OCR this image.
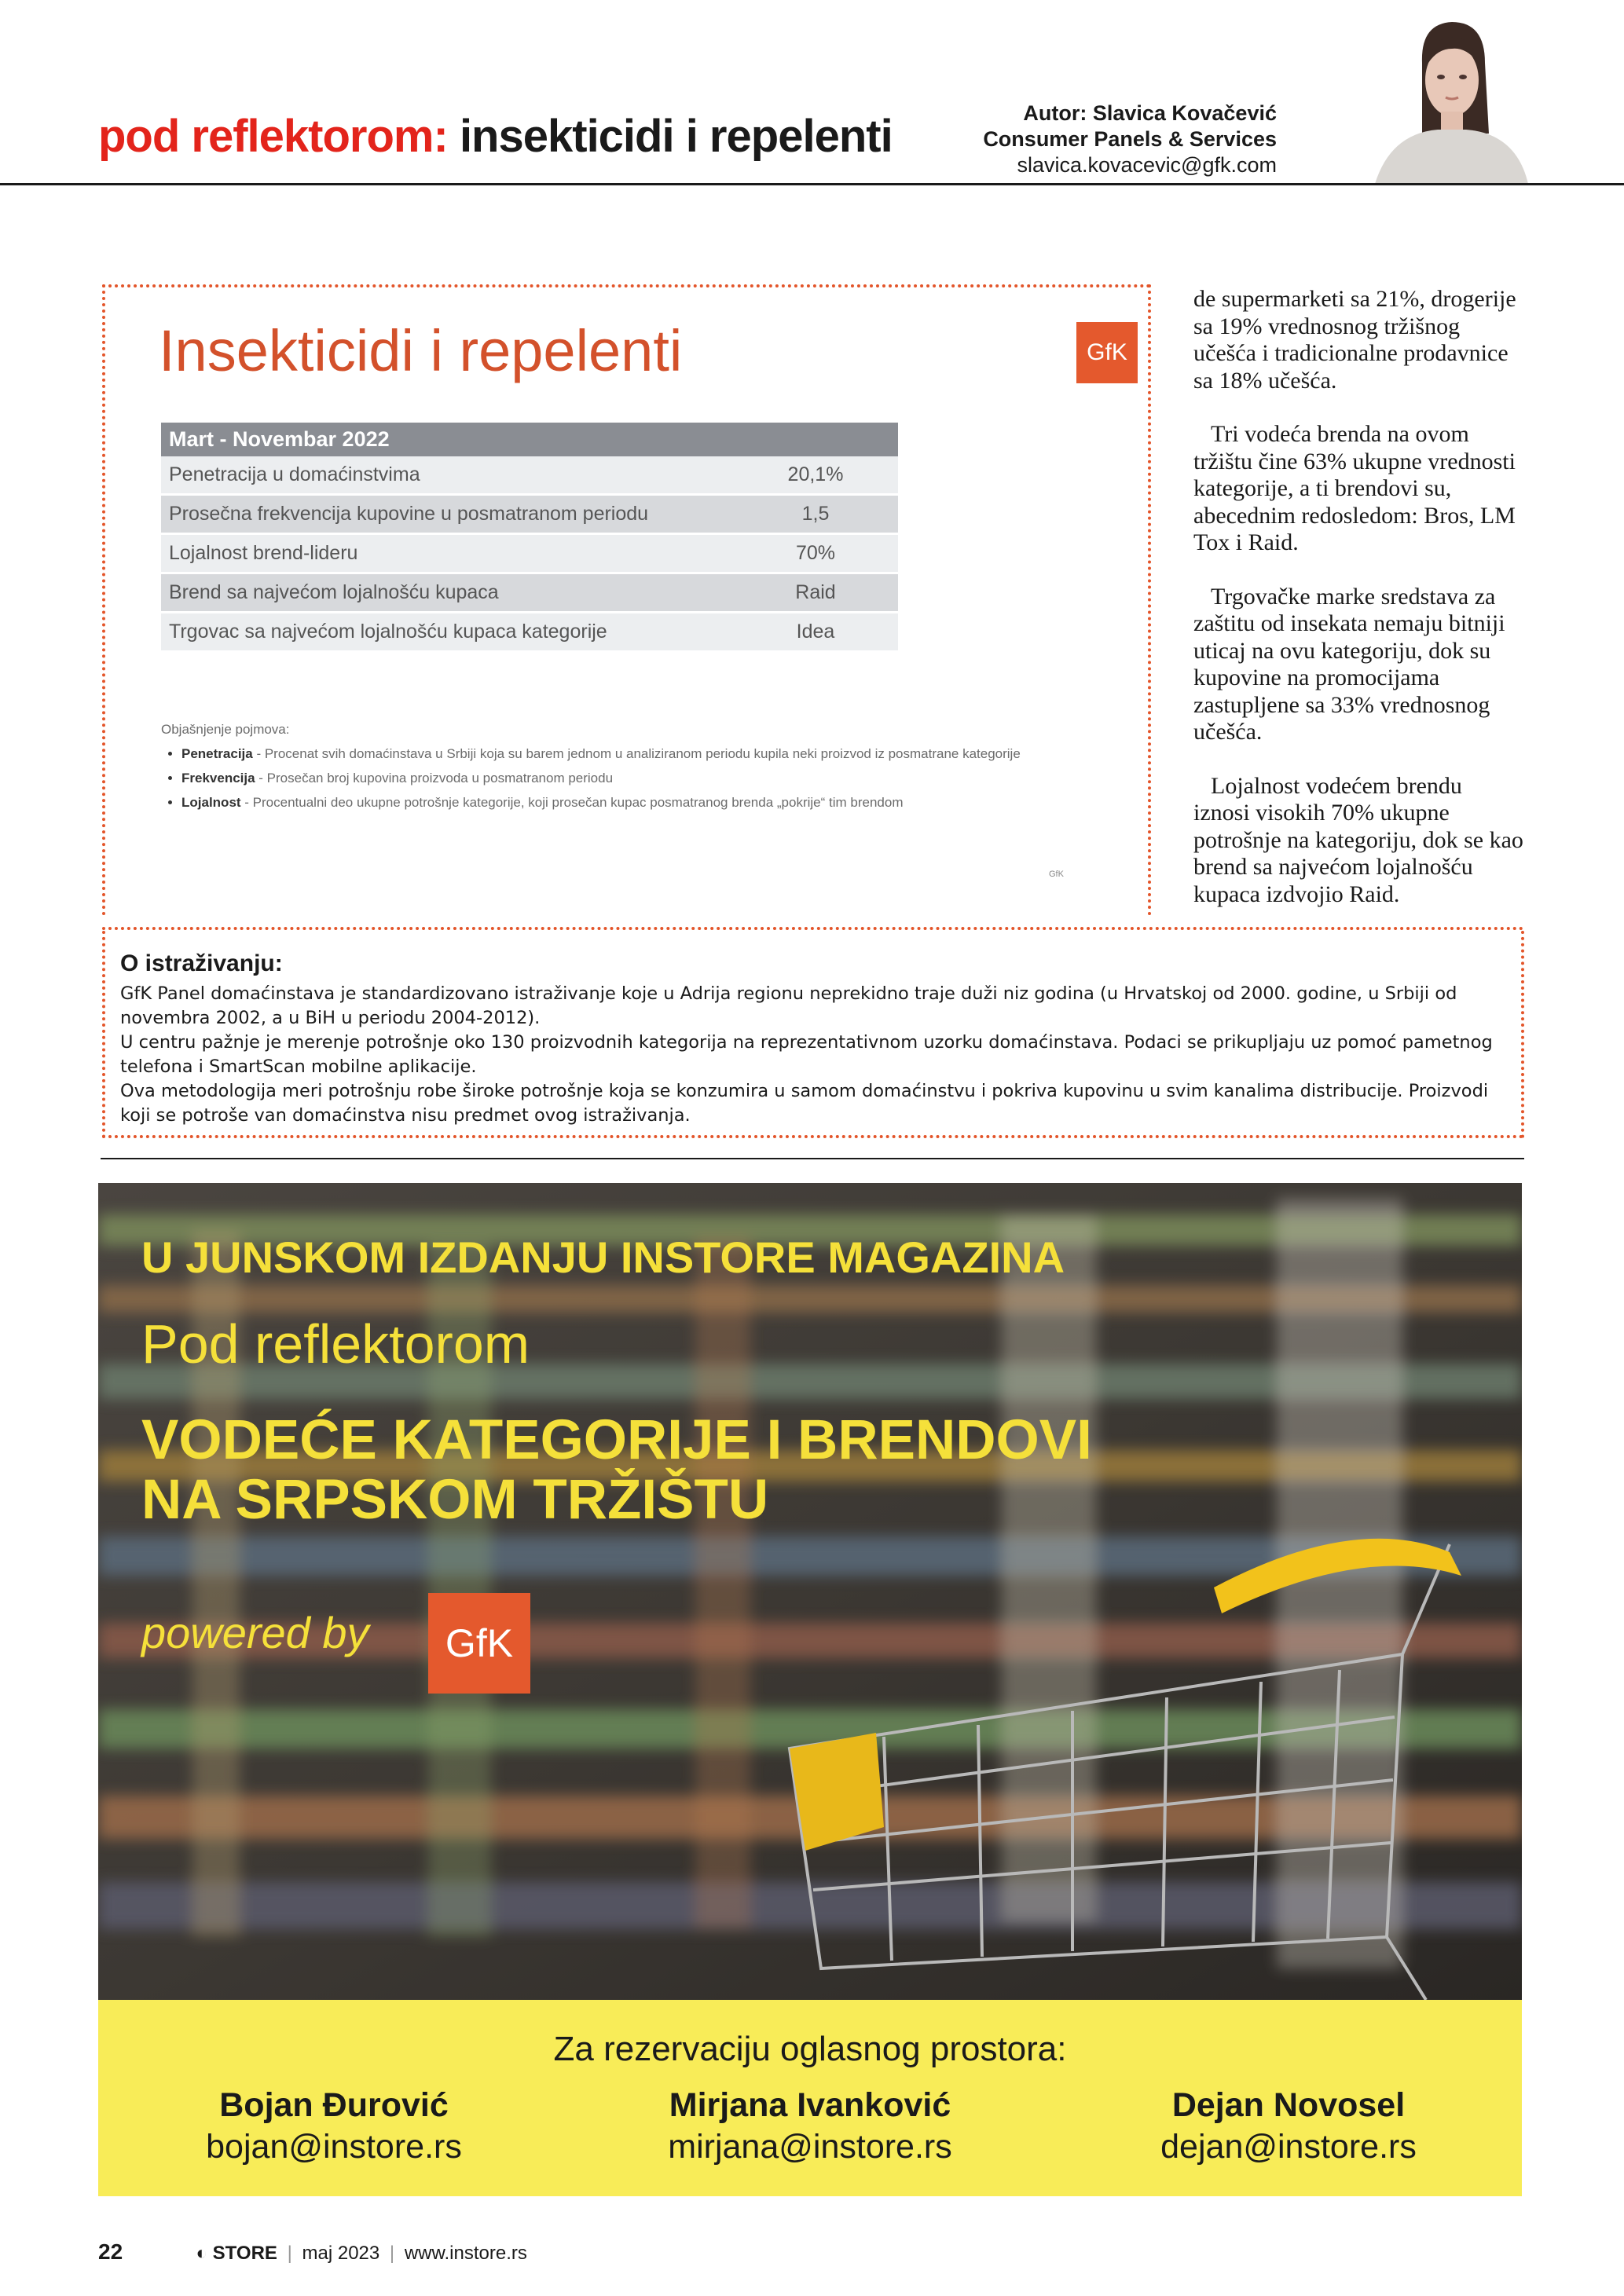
pod reflektorom: insekticidi i repelenti	Autor: Slavica Kovačević
Consumer Panels & Services
slavica.kovacevic@gfk.com
Insekticidi i repelenti	GfK
Mart - Novembar 2022	
Penetracija u domaćinstvima	20,1%
Prosečna frekvencija kupovine u posmatranom periodu	1,5
Lojalnost brend-lideru	70%
Brend sa najvećom lojalnošću kupaca	Raid
Trgovac sa najvećom lojalnošću kupaca kategorije	Idea
Objašnjenje pojmova:
• Penetracija - Procenat svih domaćinstava u Srbiji koja su barem jednom u analiziranom periodu kupila neki proizvod iz posmatrane kategorije
• Frekvencija - Prosečan broj kupovina proizvoda u posmatranom periodu
• Lojalnost - Procentualni deo ukupne potrošnje kategorije, koji prosečan kupac posmatranog brenda „pokrije“ tim brendom
GfK

de supermarketi sa 21%, drogerije sa 19% vrednosnog tržišnog učešća i tradicionalne prodavnice sa 18% učešća.

Tri vodeća brenda na ovom tržištu čine 63% ukupne vrednosti kategorije, a ti brendovi su, abecednim redosledom: Bros, LM Tox i Raid.

Trgovačke marke sredstava za zaštitu od insekata nemaju bitniji uticaj na ovu kategoriju, dok su kupovine na promocijama zastupljene sa 33% vrednosnog učešća.

Lojalnost vodećem brendu iznosi visokih 70% ukupne potrošnje na kategoriju, dok se kao brend sa najvećom lojalnošću kupaca izdvojio Raid.

O istraživanju:

GfK Panel domaćinstava je standardizovano istraživanje koje u Adrija regionu neprekidno traje duži niz godina (u Hrvatskoj od 2000. godine, u Srbiji od novembra 2002, a u BiH u periodu 2004-2012).

U centru pažnje je merenje potrošnje oko 130 proizvodnih kategorija na reprezentativnom uzorku domaćinstava. Podaci se prikupljaju uz pomoć pametnog telefona i SmartScan mobilne aplikacije.

Ova metodologija meri potrošnju robe široke potrošnje koja se konzumira u samom domaćinstvu i pokriva kupovinu u svim kanalima distribucije. Proizvodi koji se potroše van domaćinstva nisu predmet ovog istraživanja.

U JUNSKOM IZDANJU INSTORE MAGAZINA
Pod reflektorom
VODEĆE KATEGORIJE I BRENDOVI
NA SRPSKOM TRŽIŠTU
powered by	GfK
Za rezervaciju oglasnog prostora:
Bojan Đurović
bojan@instore.rs
Mirjana Ivanković
mirjana@instore.rs
Dejan Novosel
dejan@instore.rs
22	◐ STORE | maj 2023 | www.instore.rs
